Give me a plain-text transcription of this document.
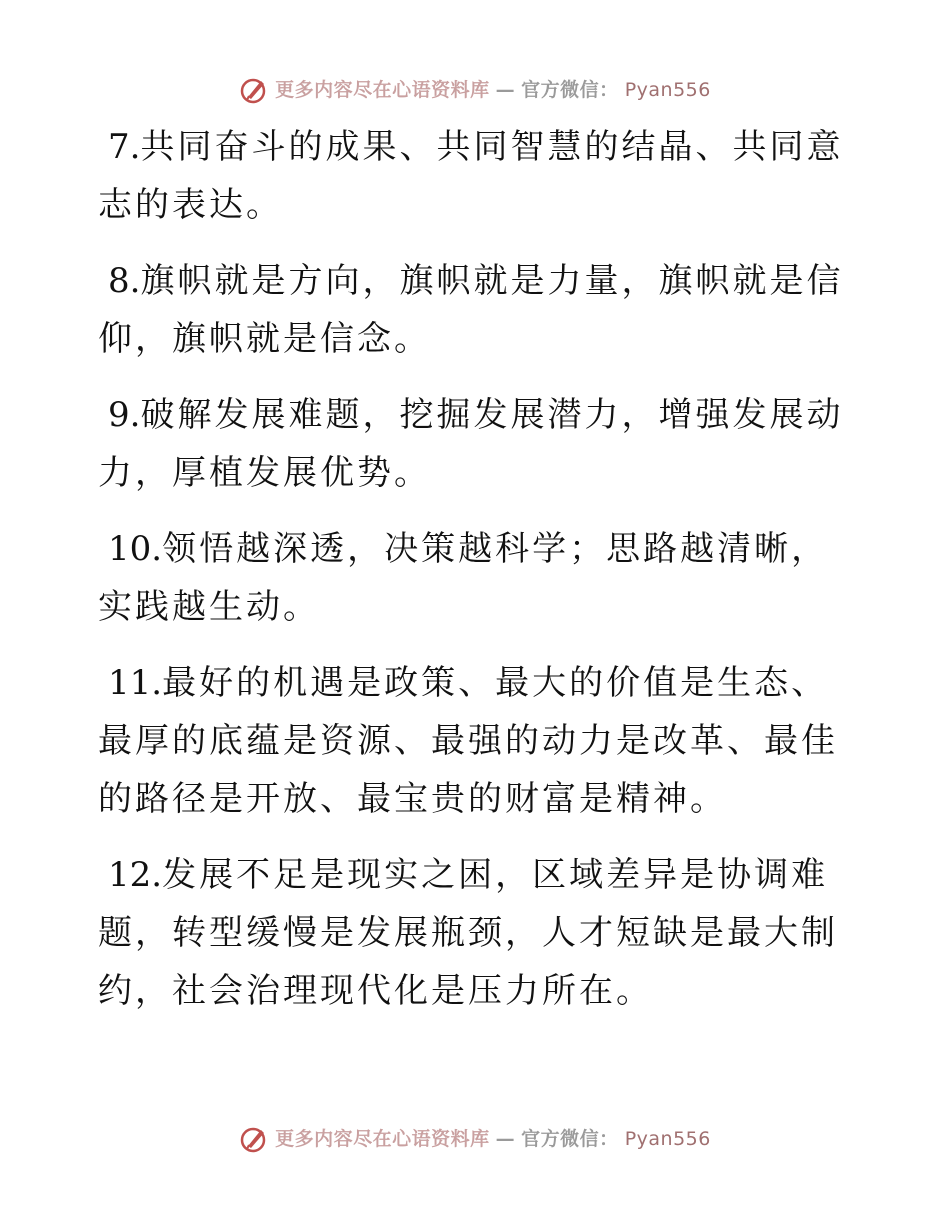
更多内容尽在心语资料库 — 官方微信： Pyan556

7.共同奋斗的成果、共同智慧的结晶、共同意志的表达。

8.旗帜就是方向，旗帜就是力量，旗帜就是信仰，旗帜就是信念。

9.破解发展难题，挖掘发展潜力，增强发展动力，厚植发展优势。

10.领悟越深透，决策越科学；思路越清晰，实践越生动。

11.最好的机遇是政策、最大的价值是生态、最厚的底蕴是资源、最强的动力是改革、最佳的路径是开放、最宝贵的财富是精神。

12.发展不足是现实之困，区域差异是协调难题，转型缓慢是发展瓶颈，人才短缺是最大制约，社会治理现代化是压力所在。

更多内容尽在心语资料库 — 官方微信： Pyan556
